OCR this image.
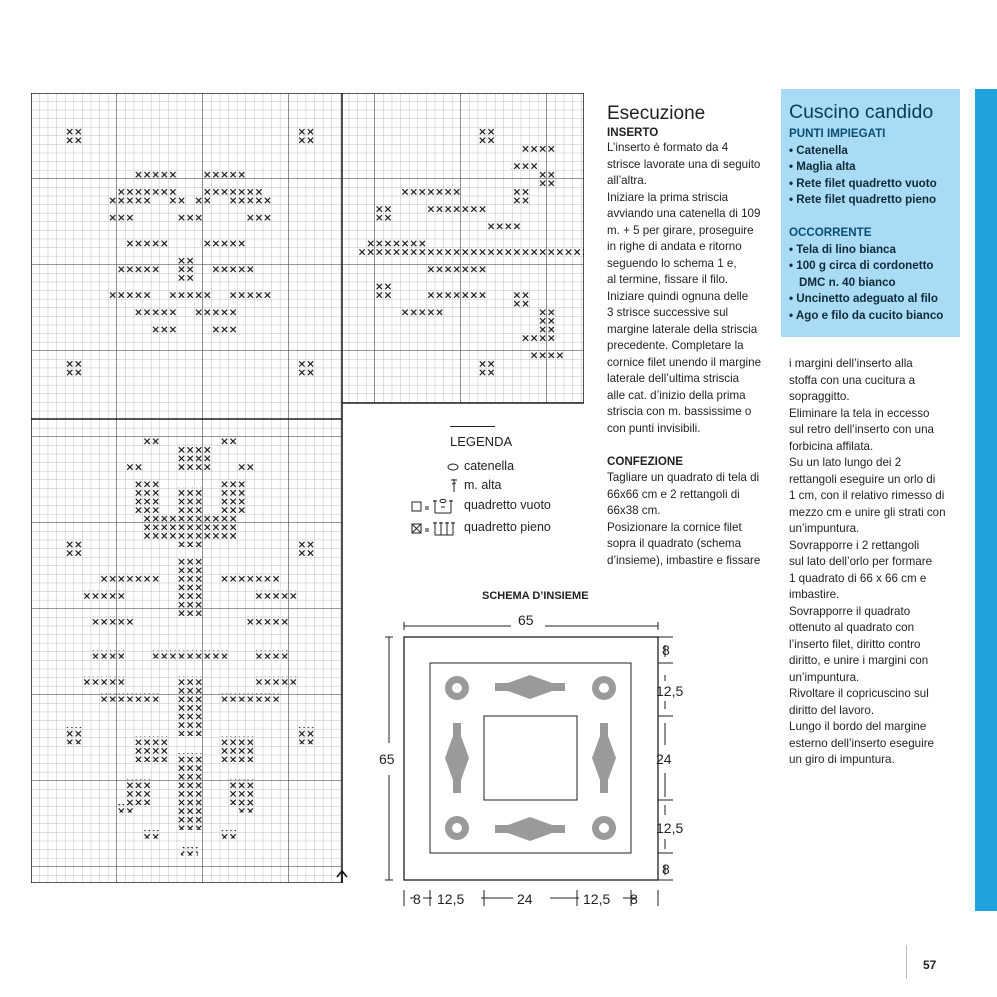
Esecuzione
INSERTO

L’inserto è formato da 4

strisce lavorate una di seguito

all’altra.

Iniziare la prima striscia

avviando una catenella di 109

m. + 5 per girare, proseguire

in righe di andata e ritorno

seguendo lo schema 1 e,

al termine, fissare il filo.

Iniziare quindi ognuna delle

3 strisce successive sul

margine laterale della striscia

precedente. Completare la

cornice filet unendo il margine

laterale dell’ultima striscia

alle cat. d’inizio della prima

striscia con m. bassissime o

con punti invisibili.

CONFEZIONE

Tagliare un quadrato di tela di

66x66 cm e 2 rettangoli di

66x38 cm.

Posizionare la cornice filet

sopra il quadrato (schema

d’insieme), imbastire e fissare

i margini dell’inserto alla

stoffa con una cucitura a

sopraggitto.

Eliminare la tela in eccesso

sul retro dell’inserto con una

forbicina affilata.

Su un lato lungo dei 2

rettangoli eseguire un orlo di

1 cm, con il relativo rimesso di

mezzo cm e unire gli strati con

un’impuntura.

Sovrapporre i 2 rettangoli

sul lato dell’orlo per formare

1 quadrato di 66 x 66 cm e

imbastire.

Sovrapporre il quadrato

ottenuto al quadrato con

l’inserto filet, diritto contro

diritto, e unire i margini con

un’impuntura.

Rivoltare il copricuscino sul

diritto del lavoro.

Lungo il bordo del margine

esterno dell’inserto eseguire

un giro di impuntura.

Cuscino candido
PUNTI IMPIEGATI
• Catenella
• Maglia alta
• Rete filet quadretto vuoto
• Rete filet quadretto pieno
OCCORRENTE
• Tela di lino bianca
• 100 g circa di cordonetto
DMC n. 40 bianco
• Uncinetto adeguato al filo
• Ago e filo da cucito bianco
LEGENDA
catenella
m. alta
quadretto vuoto
quadretto pieno
SCHEMA D’INSIEME
65
65
8
12,5
24
12,5
8
8 12,5	24	12,5 8
57
